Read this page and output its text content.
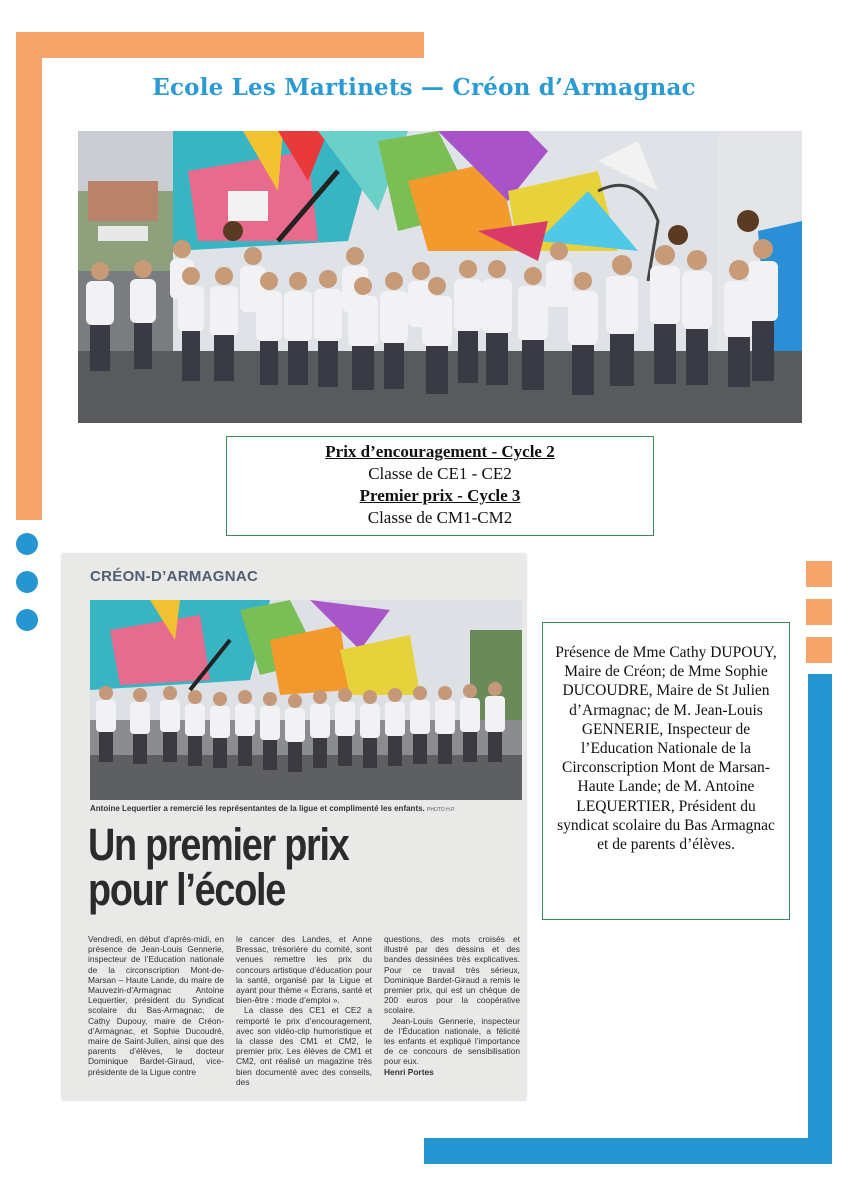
Ecole Les Martinets — Créon d’Armagnac
Prix d’encouragement - Cycle 2
Classe de CE1 - CE2
Premier prix - Cycle 3
Classe de CM1-CM2
CRÉON-D’ARMAGNAC
Antoine Lequertier a remercié les représentantes de la ligue et complimenté les enfants. PHOTO H.P.
Un premier prix
pour l’école

Vendredi, en début d’après-midi, en présence de Jean-Louis Gennerie, inspecteur de l’Education nationale de la circonscription Mont-de-Marsan – Haute Lande, du maire de Mauvezin-d’Armagnac Antoine Lequertier, président du Syndicat scolaire du Bas-Armagnac, de Cathy Dupouy, maire de Créon-d’Armagnac, et Sophie Ducoudré, maire de Saint-Julien, ainsi que des parents d’élèves, le docteur Dominique Bardet-Giraud, vice-présidente de la Ligue contre

le cancer des Landes, et Anne Bressac, trésorière du comité, sont venues remettre les prix du concours artistique d’éducation pour la santé, organisé par la Ligue et ayant pour thème « Écrans, santé et bien-être : mode d’emploi ».

La classe des CE1 et CE2 a remporté le prix d’encouragement, avec son vidéo-clip humoristique et la classe des CM1 et CM2, le premier prix. Les élèves de CM1 et CM2, ont réalisé un magazine très bien documenté avec des conseils, des

questions, des mots croisés et illustré par des dessins et des bandes dessinées très explicatives. Pour ce travail très sérieux, Dominique Bardet-Giraud a remis le premier prix, qui est un chèque de 200 euros pour la coopérative scolaire.

Jean-Louis Gennerie, inspecteur de l’Éducation nationale, a félicité les enfants et expliqué l’importance de ce concours de sensibilisation pour eux.

Henri Portes

Présence de Mme Cathy DUPOUY, Maire de Créon; de Mme Sophie DUCOUDRE, Maire de St Julien d’Armagnac; de M. Jean-Louis GENNERIE, Inspecteur de l’Education Nationale de la Circonscription Mont de Marsan-Haute Lande; de M. Antoine LEQUERTIER, Président du syndicat scolaire du Bas Armagnac et de parents d’élèves.
